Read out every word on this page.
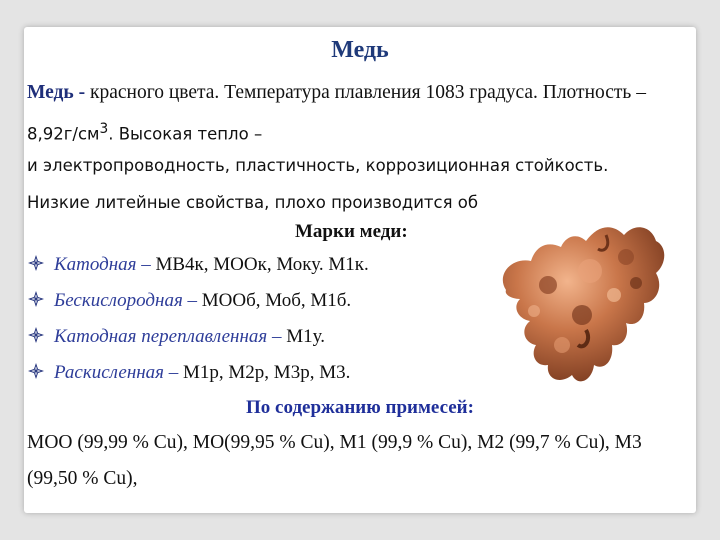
Медь
Медь - красного цвета. Температура плавления 1083 градуса. Плотность –
$8,92г/см^3$. Высокая тепло –
и электропроводность, пластичность, коррозиционная стойкость.
Низкие литейные свойства, плохо производится об
Марки меди:
Катодная – МВ4к, МООк, Моку. М1к.
Бескислородная – МООб, Моб, М1б.
Катодная переплавленная – М1у.
Раскисленная – М1р, М2р, М3р, М3.
По содержанию примесей:
МОО (99,99 % Cu), МО(99,95 % Cu), М1 (99,9 % Cu), М2 (99,7 % Cu), М3
(99,50 % Cu),
